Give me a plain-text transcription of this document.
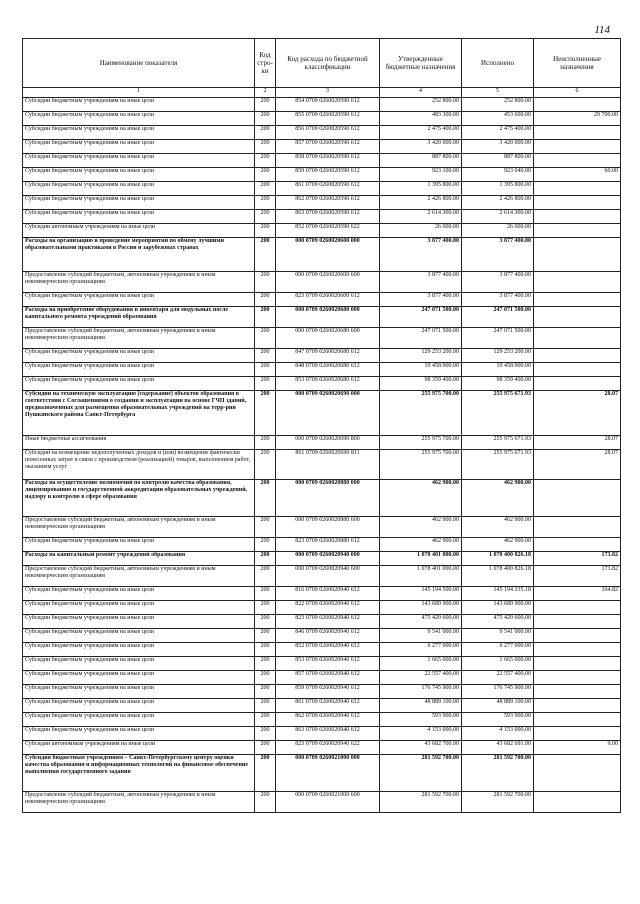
114
Наименование показателя	Код стро-ки	Код расхода по бюджетной классификации	Утвержденные бюджетные назначения	Исполнено	Неисполненные назначения
1	2	3	4	5	6
Субсидии бюджетным учреждениям на иные цели	200	854 0709 0260020590 612	252 800.00	252 800.00	
Субсидии бюджетным учреждениям на иные цели	200	855 0709 0260020590 612	483 300.00	453 600.00	29 700.00
Субсидии бюджетным учреждениям на иные цели	200	856 0709 0260020590 612	2 475 400.00	2 475 400.00	
Субсидии бюджетным учреждениям на иные цели	200	857 0709 0260020590 612	3 420 000.00	3 420 000.00	
Субсидии бюджетным учреждениям на иные цели	200	858 0709 0260020590 612	887 800.00	887 800.00	
Субсидии бюджетным учреждениям на иные цели	200	859 0709 0260020590 612	923 100.00	923 040.00	60.00
Субсидии бюджетным учреждениям на иные цели	200	861 0709 0260020590 612	1 395 800.00	1 395 800.00	
Субсидии бюджетным учреждениям на иные цели	200	862 0709 0260020590 612	2 426 800.00	2 426 800.00	
Субсидии бюджетным учреждениям на иные цели	200	863 0709 0260020590 612	2 614 300.00	2 614 300.00	
Субсидии автономным учреждениям на иные цели	200	852 0709 0260020590 622	26 000.00	26 000.00	
Расходы на организацию и проведение мероприятий по обмену лучшими образовательными практиками в России и зарубежных странах	200	000 0709 0260020600 000	3 877 400.00	3 877 400.00	
Предоставление субсидий бюджетным, автономным учреждениям и иным некоммерческим организациям	200	000 0709 0260020600 600	3 877 400.00	3 877 400.00	
Субсидии бюджетным учреждениям на иные цели	200	823 0709 0260020600 612	3 877 400.00	3 877 400.00	
Расходы на приобретение оборудования и инвентаря для модульных после капитального ремонта учреждений образования	200	000 0709 0260020680 000	247 071 500.00	247 071 500.00	
Предоставление субсидий бюджетным, автономным учреждениям и иным некоммерческим организациям	200	000 0709 0260020680 600	247 071 500.00	247 071 500.00	
Субсидии бюджетным учреждениям на иные цели	200	847 0709 0260020680 612	129 253 200.00	129 253 200.00	
Субсидии бюджетным учреждениям на иные цели	200	848 0709 0260020680 612	19 458 900.00	19 458 900.00	
Субсидии бюджетным учреждениям на иные цели	200	853 0709 0260020680 612	98 359 400.00	98 359 400.00	
Субсидии на техническую эксплуатацию (содержание) объектов образования в соответствии с Соглашениями о создании и эксплуатации на основе ГЧП зданий, предназначенных для размещения образовательных учреждений на терр-рии Пушкинского района Санкт-Петербурга	200	000 0709 0260020690 000	255 975 700.00	255 975 671.93	28.07
Иные бюджетные ассигнования	200	000 0709 0260020690 800	255 975 700.00	255 975 671.93	28.07
Субсидии на возмещение недополученных доходов и (или) возмещение фактически понесенных затрат в связи с производством (реализацией) товаров, выполнением работ, оказанием услуг	200	861 0709 0260020690 811	255 975 700.00	255 975 671.93	28.07
Расходы на осуществление полномочий по контролю качества образования, лицензированию и государственной аккредитации образовательных учреждений, надзору и контролю в сфере образования	200	000 0709 0260020880 000	462 900.00	462 900.00	
Предоставление субсидий бюджетным, автономным учреждениям и иным некоммерческим организациям	200	000 0709 0260020880 600	462 900.00	462 900.00	
Субсидии бюджетным учреждениям на иные цели	200	823 0709 0260020880 612	462 900.00	462 900.00	
Расходы на капитальный ремонт учреждений образования	200	000 0709 0260020940 000	1 078 401 000.00	1 078 400 826.18	173.82
Предоставление субсидий бюджетным, автономным учреждениям и иным некоммерческим организациям	200	000 0709 0260020940 600	1 078 401 000.00	1 078 400 826.18	173.82
Субсидии бюджетным учреждениям на иные цели	200	816 0709 0260020940 612	145 194 500.00	145 194 335.18	164.82
Субсидии бюджетным учреждениям на иные цели	200	822 0709 0260020940 612	143 680 900.00	143 680 900.00	
Субсидии бюджетным учреждениям на иные цели	200	823 0709 0260020940 612	475 420 600.00	475 420 600.00	
Субсидии бюджетным учреждениям на иные цели	200	846 0709 0260020940 612	9 541 000.00	9 541 000.00	
Субсидии бюджетным учреждениям на иные цели	200	852 0709 0260020940 612	6 277 000.00	6 277 000.00	
Субсидии бюджетным учреждениям на иные цели	200	853 0709 0260020940 612	1 665 000.00	1 665 000.00	
Субсидии бюджетным учреждениям на иные цели	200	857 0709 0260020940 612	22 557 400.00	22 557 400.00	
Субсидии бюджетным учреждениям на иные цели	200	859 0709 0260020940 612	176 745 900.00	176 745 900.00	
Субсидии бюджетным учреждениям на иные цели	200	861 0709 0260020940 612	48 889 100.00	48 889 100.00	
Субсидии бюджетным учреждениям на иные цели	200	862 0709 0260020940 612	593 900.00	593 900.00	
Субсидии бюджетным учреждениям на иные цели	200	863 0709 0260020940 612	4 153 000.00	4 153 000.00	
Субсидии автономным учреждениям на иные цели	200	823 0709 0260020940 622	43 682 700.00	43 682 691.00	9.00
Субсидия бюджетным учреждениям – Санкт-Петербургскому центру оценки качества образования и информационных технологий на финансовое обеспечение выполнения государственного задания	200	000 0709 0260021000 000	281 592 700.00	281 592 700.00	
Предоставление субсидий бюджетным, автономным учреждениям и иным некоммерческим организациям	200	000 0709 0260021000 600	281 592 700.00	281 592 700.00	
